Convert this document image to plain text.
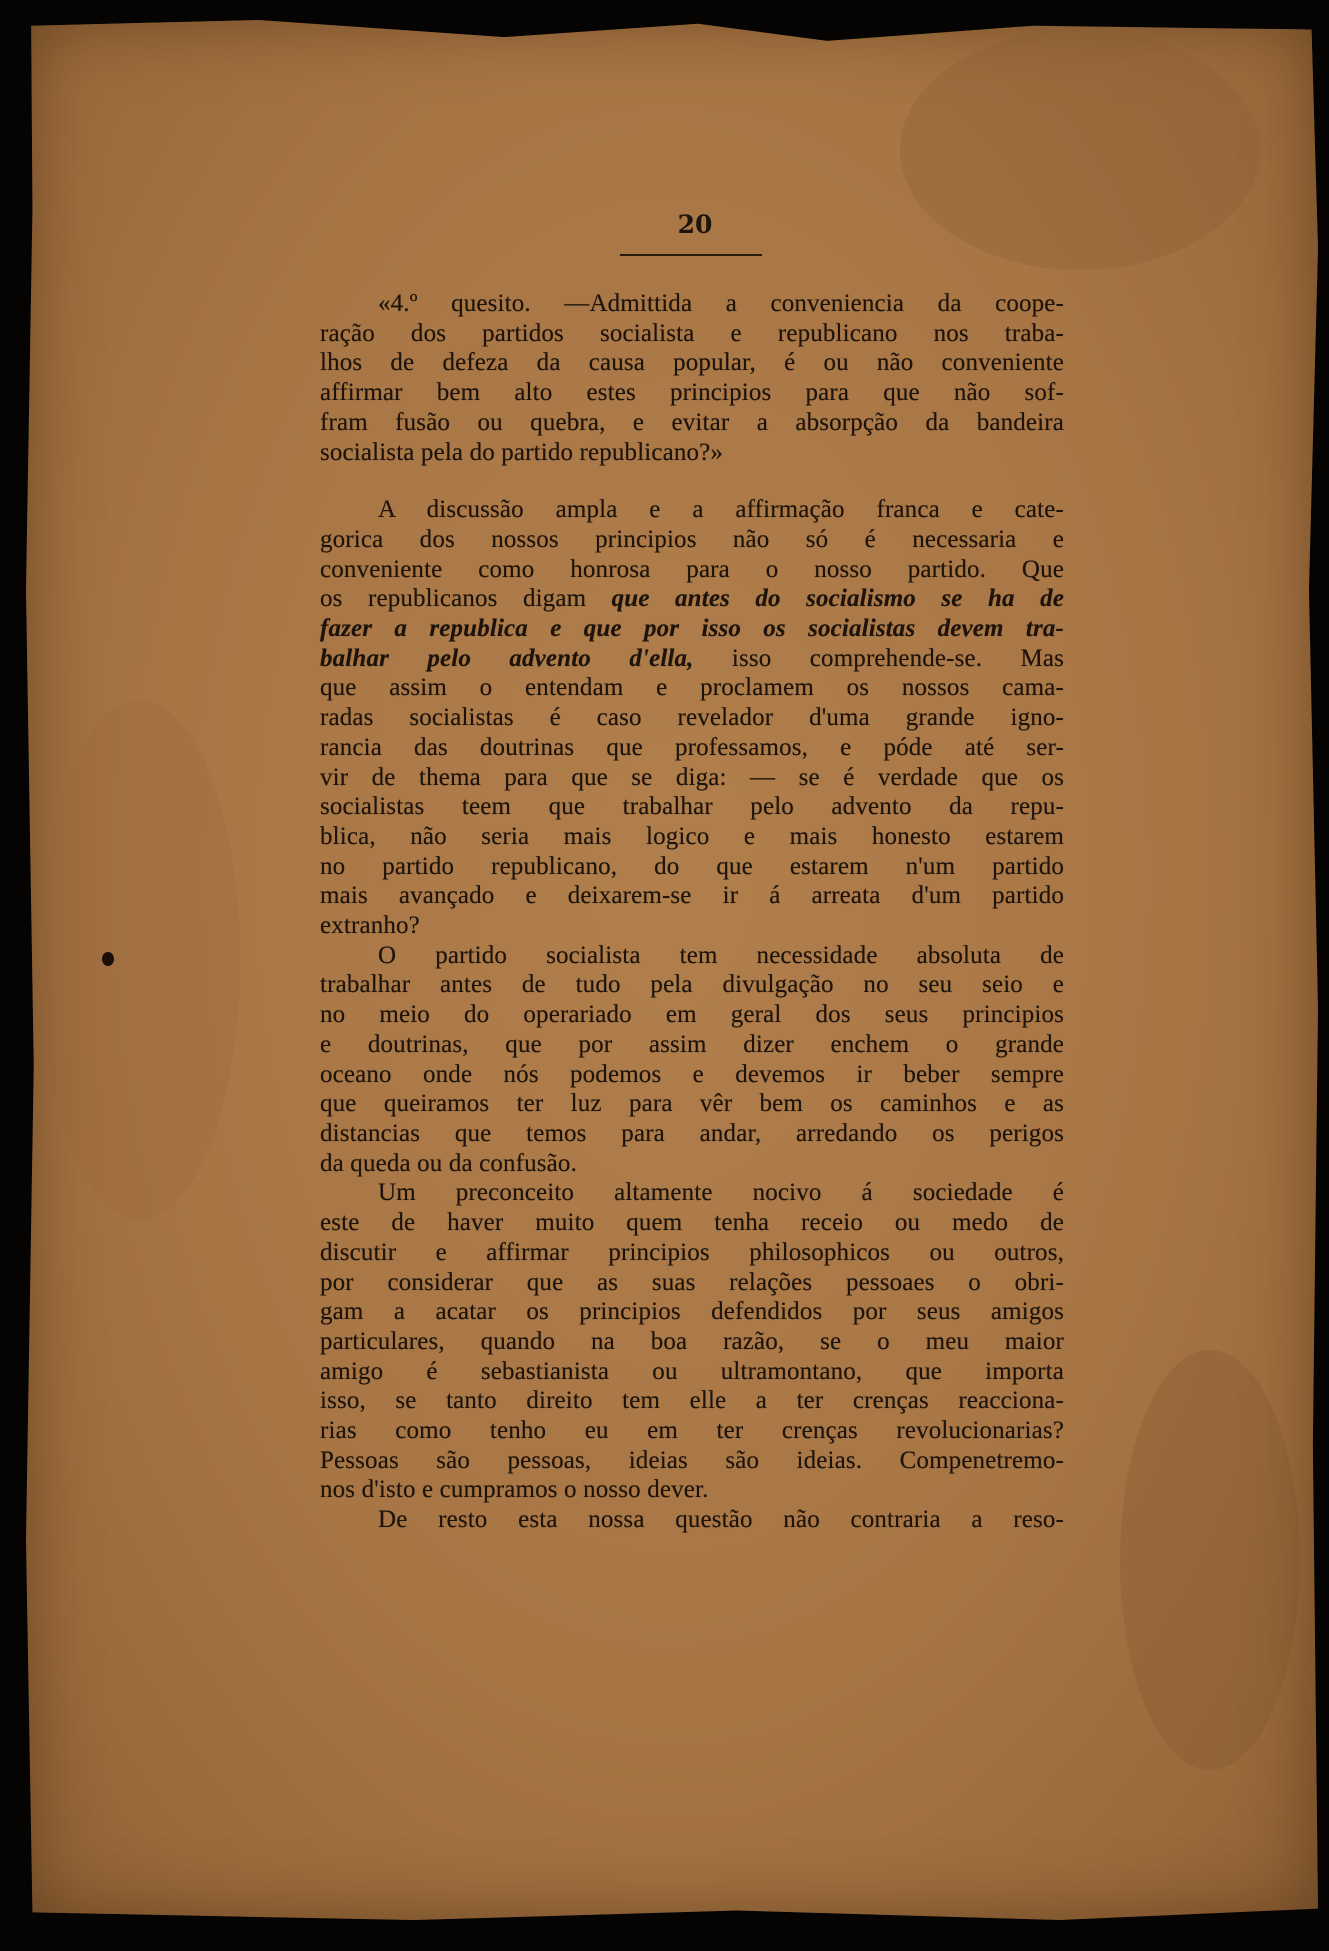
20
«4.º quesito. —Admittida a conveniencia da coope-
ração dos partidos socialista e republicano nos traba-
lhos de defeza da causa popular, é ou não conveniente
affirmar bem alto estes principios para que não sof-
fram fusão ou quebra, e evitar a absorpção da bandeira
socialista pela do partido republicano?»
A discussão ampla e a affirmação franca e cate-
gorica dos nossos principios não só é necessaria e
conveniente como honrosa para o nosso partido. Que
os republicanos digam que antes do socialismo se ha de
fazer a republica e que por isso os socialistas devem tra-
balhar pelo advento d'ella, isso comprehende-se. Mas
que assim o entendam e proclamem os nossos cama-
radas socialistas é caso revelador d'uma grande igno-
rancia das doutrinas que professamos, e póde até ser-
vir de thema para que se diga: — se é verdade que os
socialistas teem que trabalhar pelo advento da repu-
blica, não seria mais logico e mais honesto estarem
no partido republicano, do que estarem n'um partido
mais avançado e deixarem-se ir á arreata d'um partido
extranho?
O partido socialista tem necessidade absoluta de
trabalhar antes de tudo pela divulgação no seu seio e
no meio do operariado em geral dos seus principios
e doutrinas, que por assim dizer enchem o grande
oceano onde nós podemos e devemos ir beber sempre
que queiramos ter luz para vêr bem os caminhos e as
distancias que temos para andar, arredando os perigos
da queda ou da confusão.
Um preconceito altamente nocivo á sociedade é
este de haver muito quem tenha receio ou medo de
discutir e affirmar principios philosophicos ou outros,
por considerar que as suas relações pessoaes o obri-
gam a acatar os principios defendidos por seus amigos
particulares, quando na boa razão, se o meu maior
amigo é sebastianista ou ultramontano, que importa
isso, se tanto direito tem elle a ter crenças reacciona-
rias como tenho eu em ter crenças revolucionarias?
Pessoas são pessoas, ideias são ideias. Compenetremo-
nos d'isto e cumpramos o nosso dever.
De resto esta nossa questão não contraria a reso-
